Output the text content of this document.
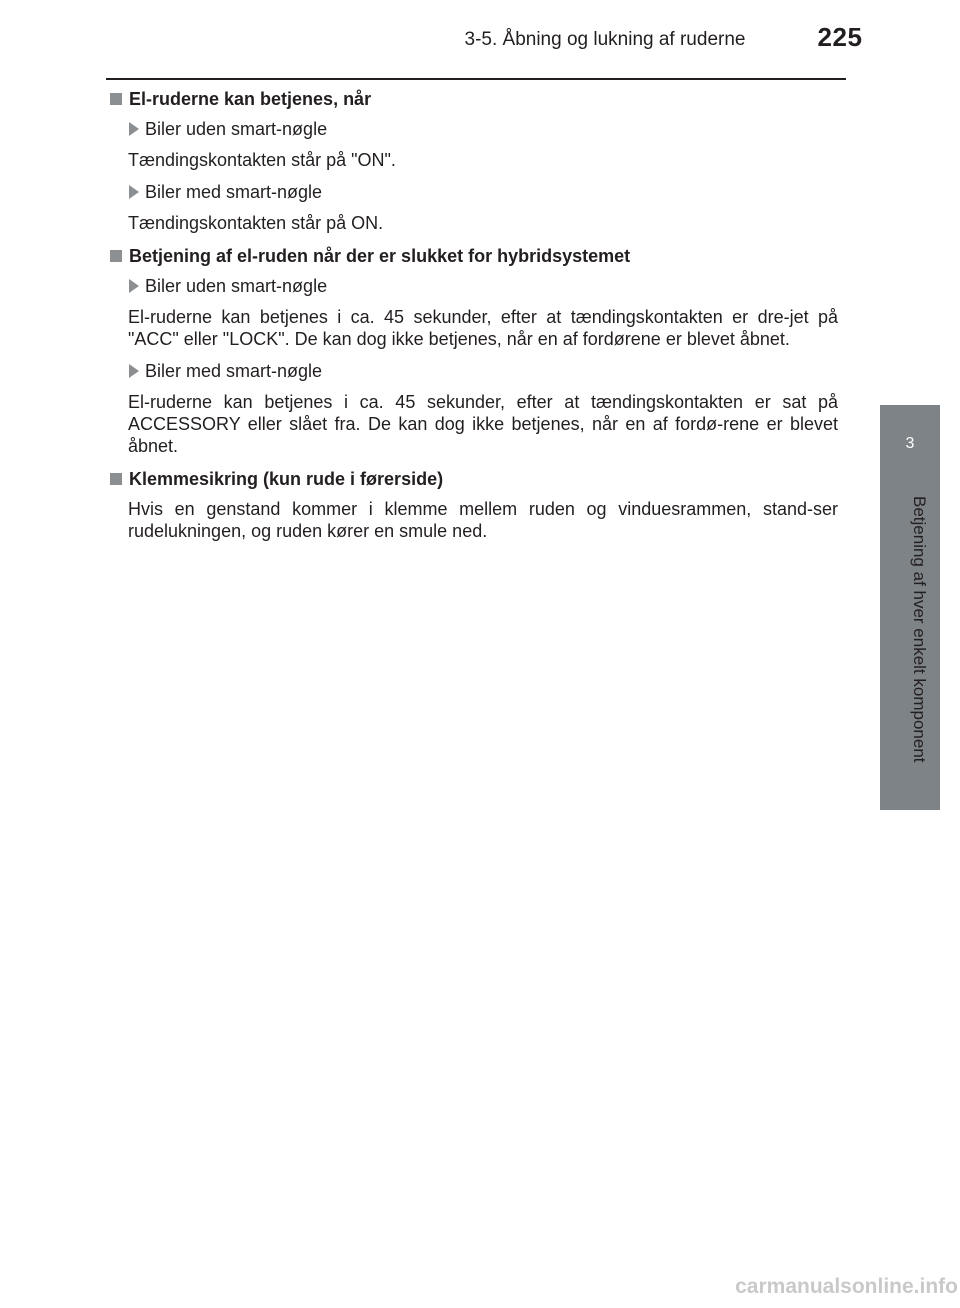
3-5. Åbning og lukning af ruderne	225
3
Betjening af hver enkelt komponent
El-ruderne kan betjenes, når
Biler uden smart-nøgle
Tændingskontakten står på "ON".
Biler med smart-nøgle
Tændingskontakten står på ON.
Betjening af el-ruden når der er slukket for hybridsystemet
Biler uden smart-nøgle
El-ruderne kan betjenes i ca. 45 sekunder, efter at tændingskontakten er dre-jet på "ACC" eller "LOCK". De kan dog ikke betjenes, når en af fordørene er blevet åbnet.
Biler med smart-nøgle
El-ruderne kan betjenes i ca. 45 sekunder, efter at tændingskontakten er sat på ACCESSORY eller slået fra. De kan dog ikke betjenes, når en af fordø-rene er blevet åbnet.
Klemmesikring (kun rude i førerside)
Hvis en genstand kommer i klemme mellem ruden og vinduesrammen, stand-ser rudelukningen, og ruden kører en smule ned.
carmanualsonline.info
